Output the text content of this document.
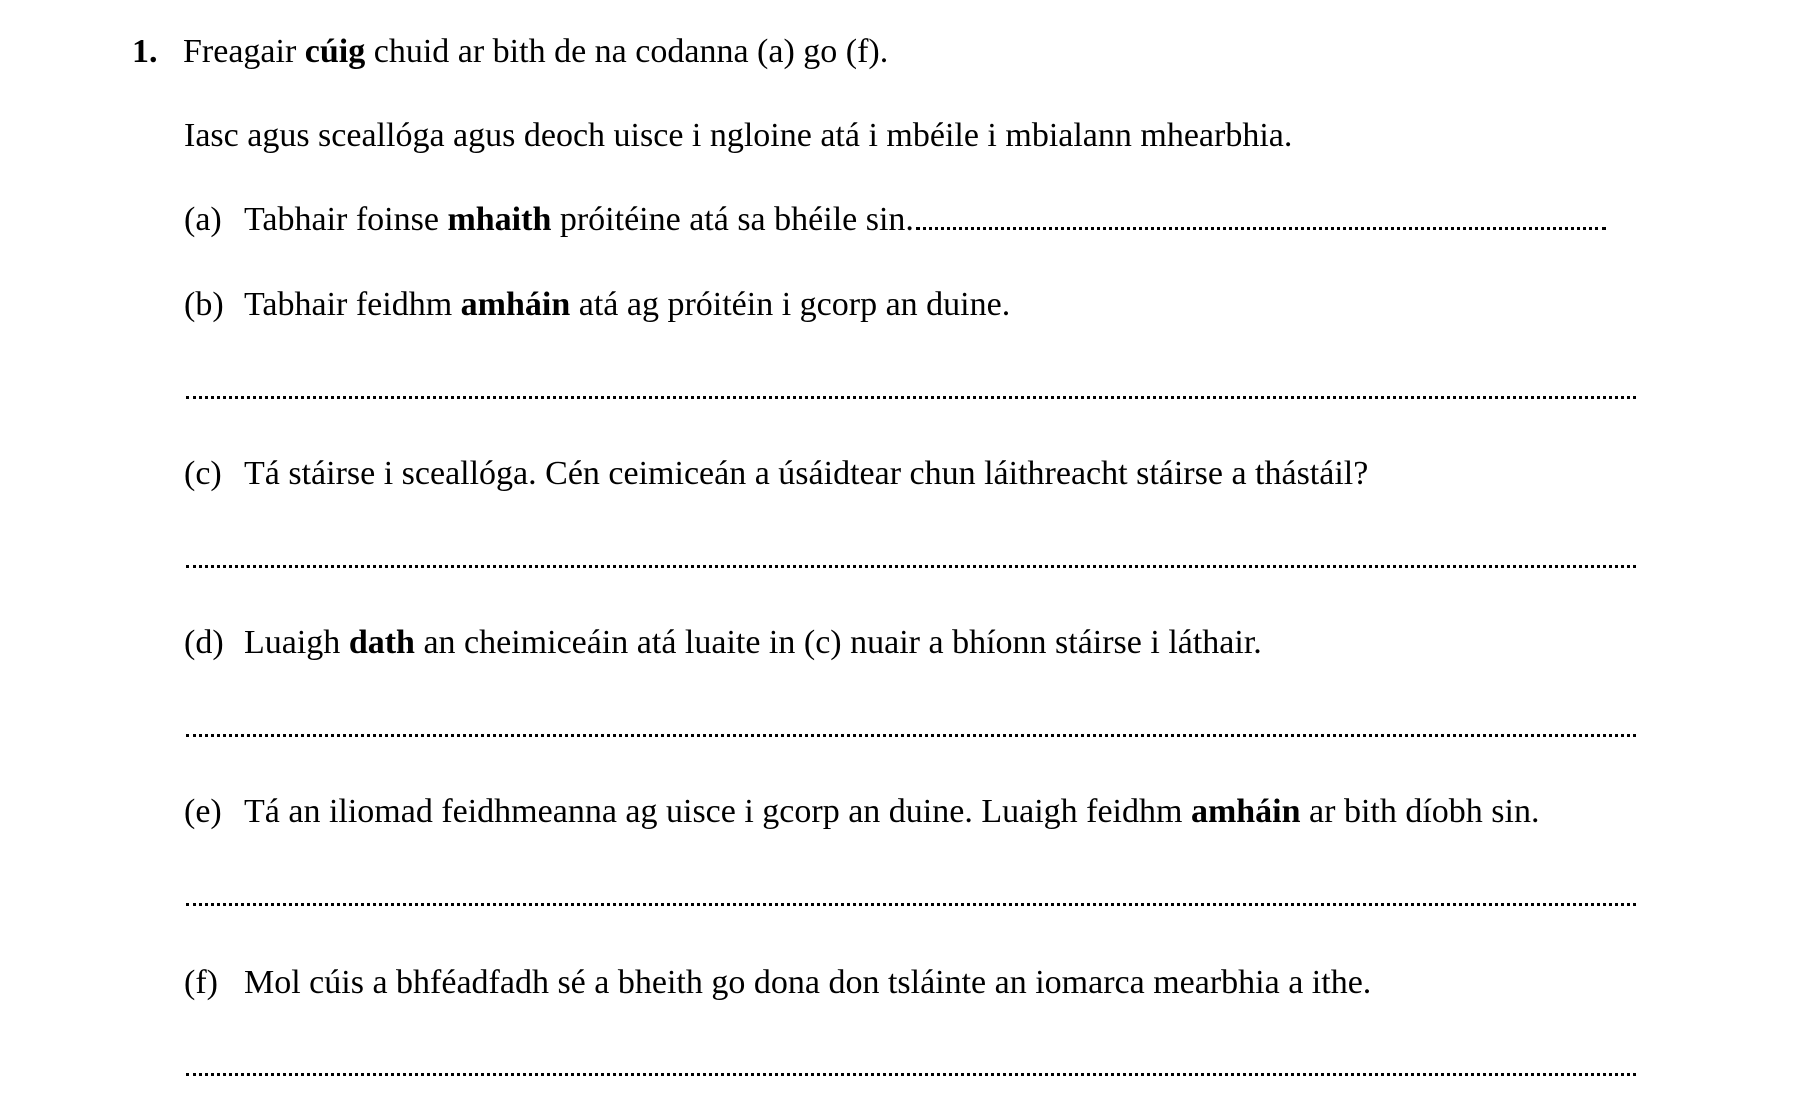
1. Freagair cúig chuid ar bith de na codanna (a) go (f).
Iasc agus sceallóga agus deoch uisce i ngloine atá i mbéile i mbialann mhearbhia.
(a) Tabhair foinse mhaith próitéine atá sa bhéile sin.
(b) Tabhair feidhm amháin atá ag próitéin i gcorp an duine.
(c) Tá stáirse i sceallóga. Cén ceimiceán a úsáidtear chun láithreacht stáirse a thástáil?
(d) Luaigh dath an cheimiceáin atá luaite in (c) nuair a bhíonn stáirse i láthair.
(e) Tá an iliomad feidhmeanna ag uisce i gcorp an duine. Luaigh feidhm amháin ar bith díobh sin.
(f) Mol cúis a bhféadfadh sé a bheith go dona don tsláinte an iomarca mearbhia a ithe.
